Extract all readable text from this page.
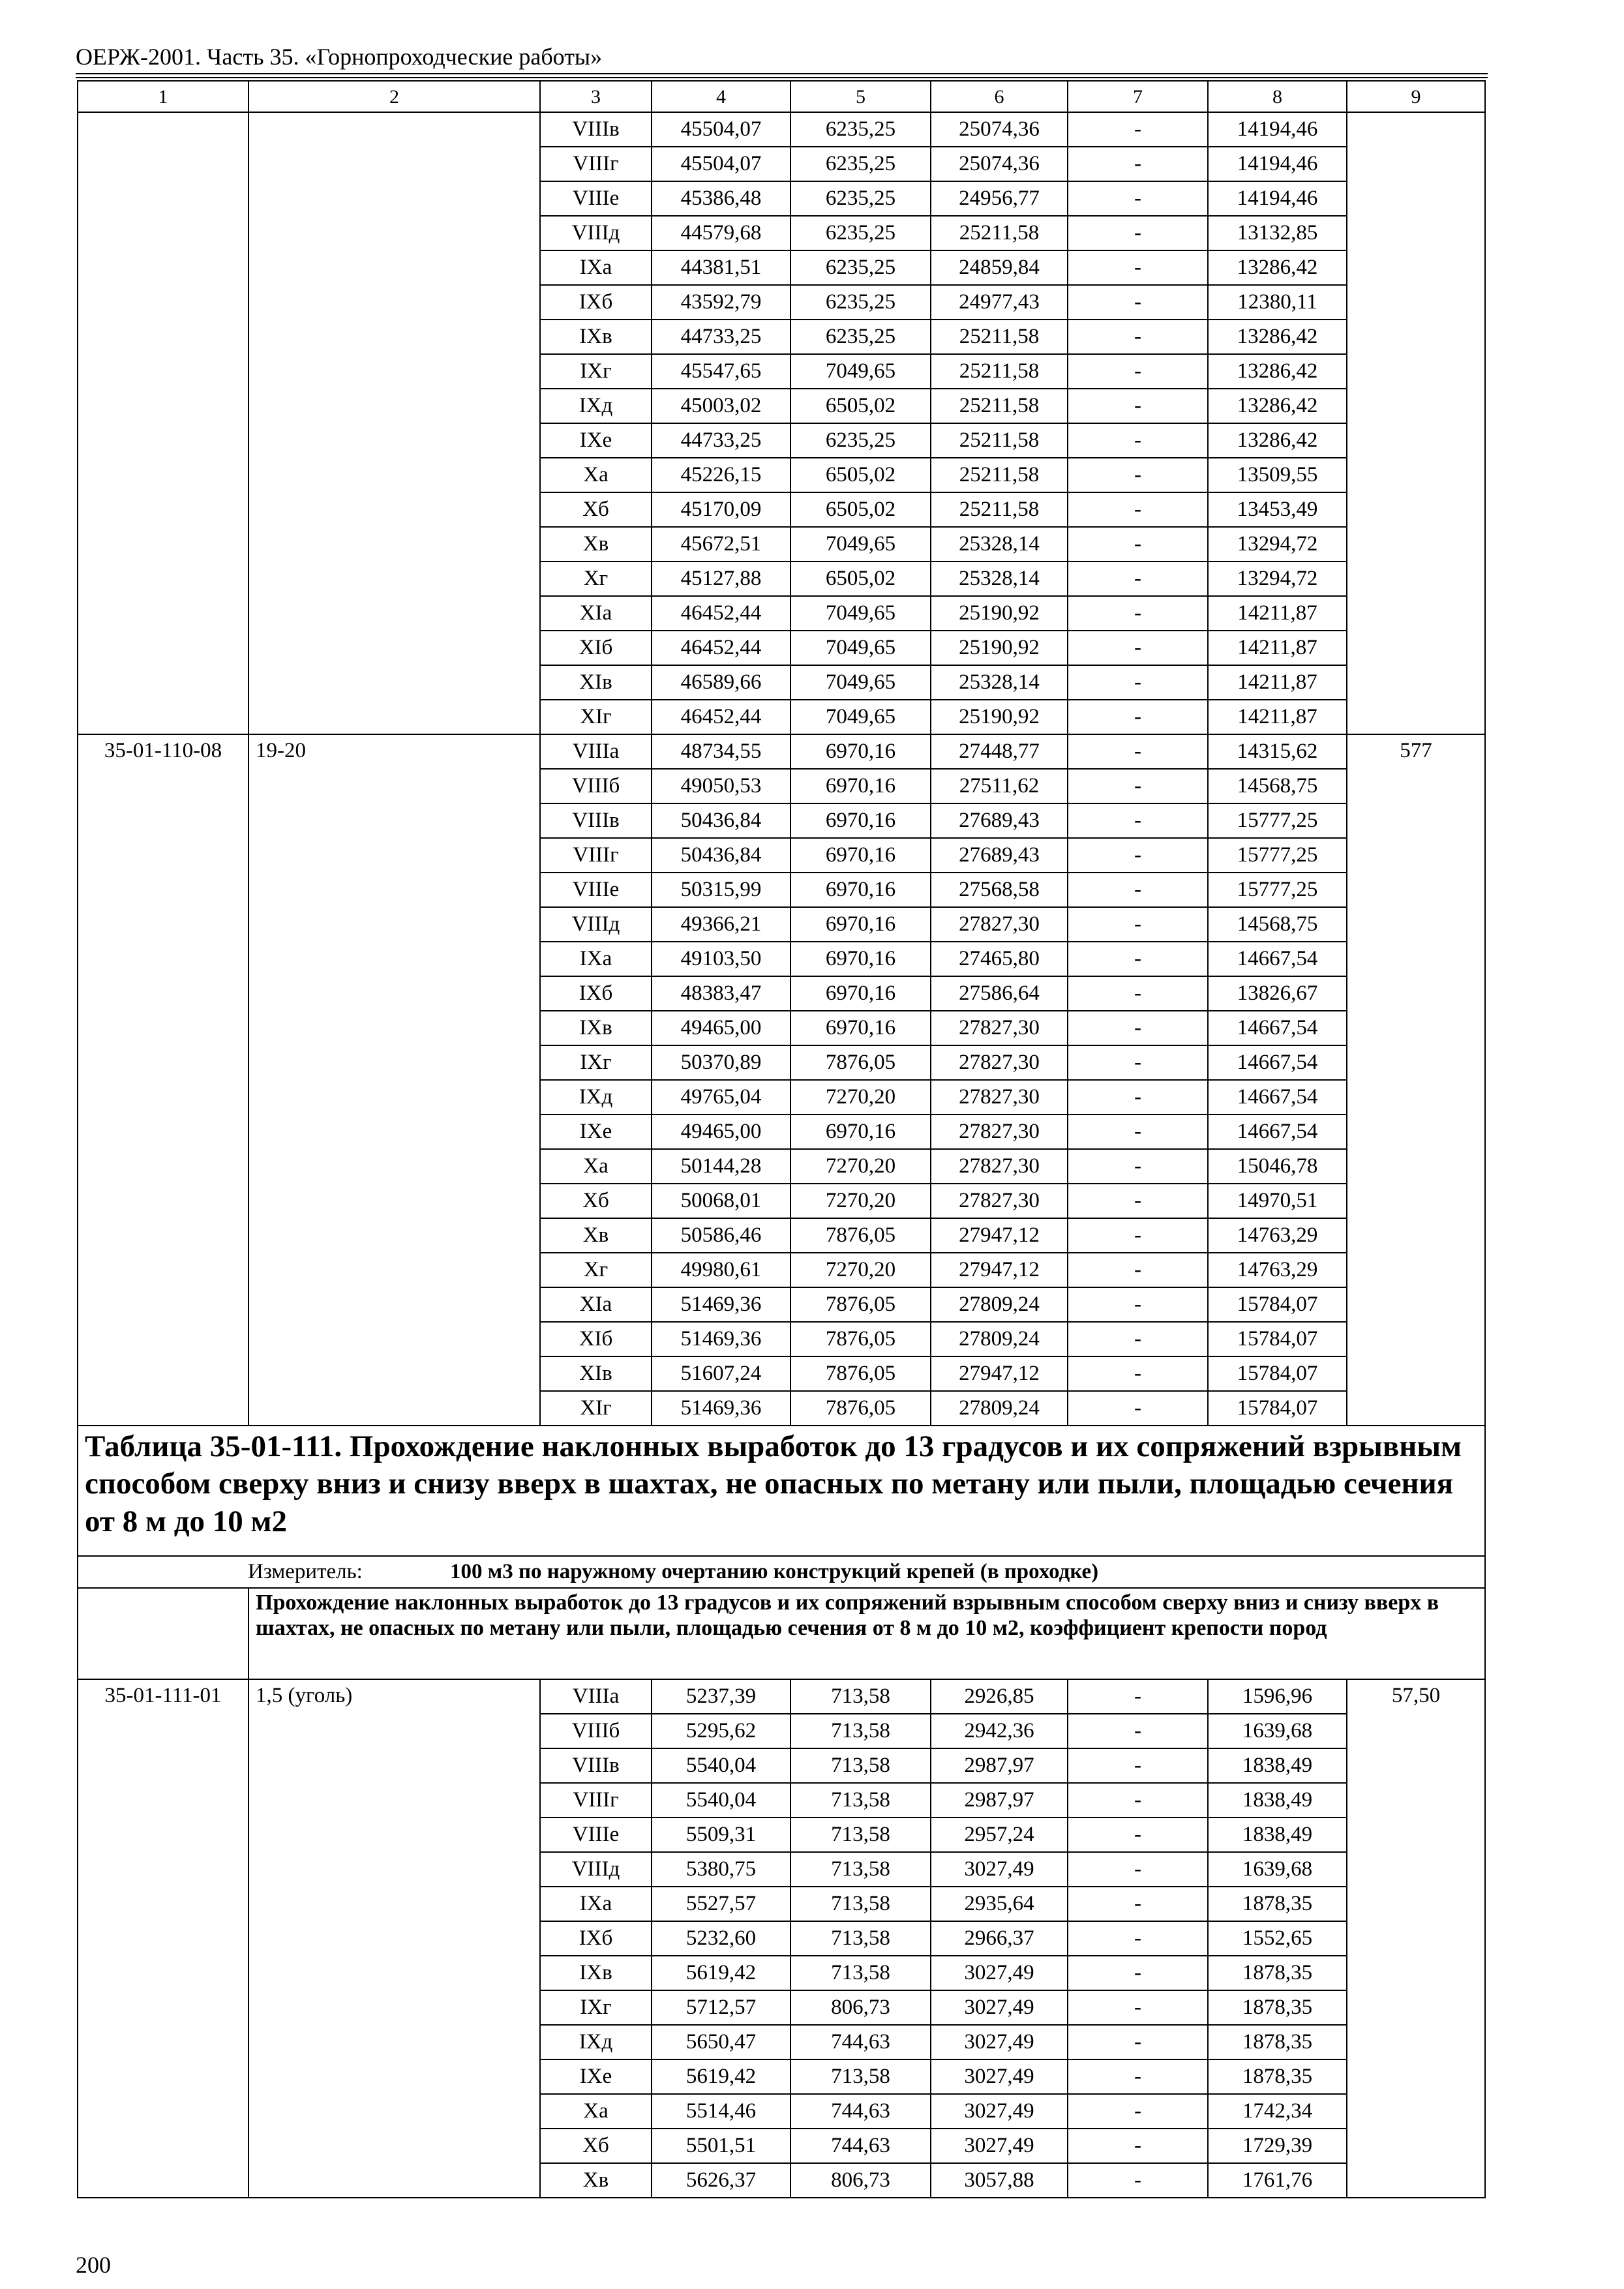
ОЕРЖ-2001. Часть 35. «Горнопроходческие работы»
1	2	3	4	5	6	7	8	9
		VIIIв	45504,07	6235,25	25074,36	-	14194,46	
		VIIIг	45504,07	6235,25	25074,36	-	14194,46	
		VIIIе	45386,48	6235,25	24956,77	-	14194,46	
		VIIIд	44579,68	6235,25	25211,58	-	13132,85	
		IXа	44381,51	6235,25	24859,84	-	13286,42	
		IXб	43592,79	6235,25	24977,43	-	12380,11	
		IXв	44733,25	6235,25	25211,58	-	13286,42	
		IXг	45547,65	7049,65	25211,58	-	13286,42	
		IXд	45003,02	6505,02	25211,58	-	13286,42	
		IXе	44733,25	6235,25	25211,58	-	13286,42	
		Xа	45226,15	6505,02	25211,58	-	13509,55	
		Xб	45170,09	6505,02	25211,58	-	13453,49	
		Xв	45672,51	7049,65	25328,14	-	13294,72	
		Xг	45127,88	6505,02	25328,14	-	13294,72	
		XIа	46452,44	7049,65	25190,92	-	14211,87	
		XIб	46452,44	7049,65	25190,92	-	14211,87	
		XIв	46589,66	7049,65	25328,14	-	14211,87	
		XIг	46452,44	7049,65	25190,92	-	14211,87	
35-01-110-08	19-20	VIIIа	48734,55	6970,16	27448,77	-	14315,62	577
		VIIIб	49050,53	6970,16	27511,62	-	14568,75	
		VIIIв	50436,84	6970,16	27689,43	-	15777,25	
		VIIIг	50436,84	6970,16	27689,43	-	15777,25	
		VIIIе	50315,99	6970,16	27568,58	-	15777,25	
		VIIIд	49366,21	6970,16	27827,30	-	14568,75	
		IXа	49103,50	6970,16	27465,80	-	14667,54	
		IXб	48383,47	6970,16	27586,64	-	13826,67	
		IXв	49465,00	6970,16	27827,30	-	14667,54	
		IXг	50370,89	7876,05	27827,30	-	14667,54	
		IXд	49765,04	7270,20	27827,30	-	14667,54	
		IXе	49465,00	6970,16	27827,30	-	14667,54	
		Xа	50144,28	7270,20	27827,30	-	15046,78	
		Xб	50068,01	7270,20	27827,30	-	14970,51	
		Xв	50586,46	7876,05	27947,12	-	14763,29	
		Xг	49980,61	7270,20	27947,12	-	14763,29	
		XIа	51469,36	7876,05	27809,24	-	15784,07	
		XIб	51469,36	7876,05	27809,24	-	15784,07	
		XIв	51607,24	7876,05	27947,12	-	15784,07	
		XIг	51469,36	7876,05	27809,24	-	15784,07	
Таблица 35-01-111. Прохождение наклонных выработок до 13 градусов и их сопряжений взрывным способом сверху вниз и снизу вверх в шахтах, не опасных по метану или пыли, площадью сечения от 8 м до 10 м2								
Измеритель: 100 м3 по наружному очертанию конструкций крепей (в проходке)								
	Прохождение наклонных выработок до 13 градусов и их сопряжений взрывным способом сверху вниз и снизу вверх в шахтах, не опасных по метану или пыли, площадью сечения от 8 м до 10 м2, коэффициент крепости пород							
35-01-111-01	1,5 (уголь)	VIIIа	5237,39	713,58	2926,85	-	1596,96	57,50
		VIIIб	5295,62	713,58	2942,36	-	1639,68	
		VIIIв	5540,04	713,58	2987,97	-	1838,49	
		VIIIг	5540,04	713,58	2987,97	-	1838,49	
		VIIIе	5509,31	713,58	2957,24	-	1838,49	
		VIIIд	5380,75	713,58	3027,49	-	1639,68	
		IXа	5527,57	713,58	2935,64	-	1878,35	
		IXб	5232,60	713,58	2966,37	-	1552,65	
		IXв	5619,42	713,58	3027,49	-	1878,35	
		IXг	5712,57	806,73	3027,49	-	1878,35	
		IXд	5650,47	744,63	3027,49	-	1878,35	
		IXе	5619,42	713,58	3027,49	-	1878,35	
		Xа	5514,46	744,63	3027,49	-	1742,34	
		Xб	5501,51	744,63	3027,49	-	1729,39	
		Xв	5626,37	806,73	3057,88	-	1761,76	
200
